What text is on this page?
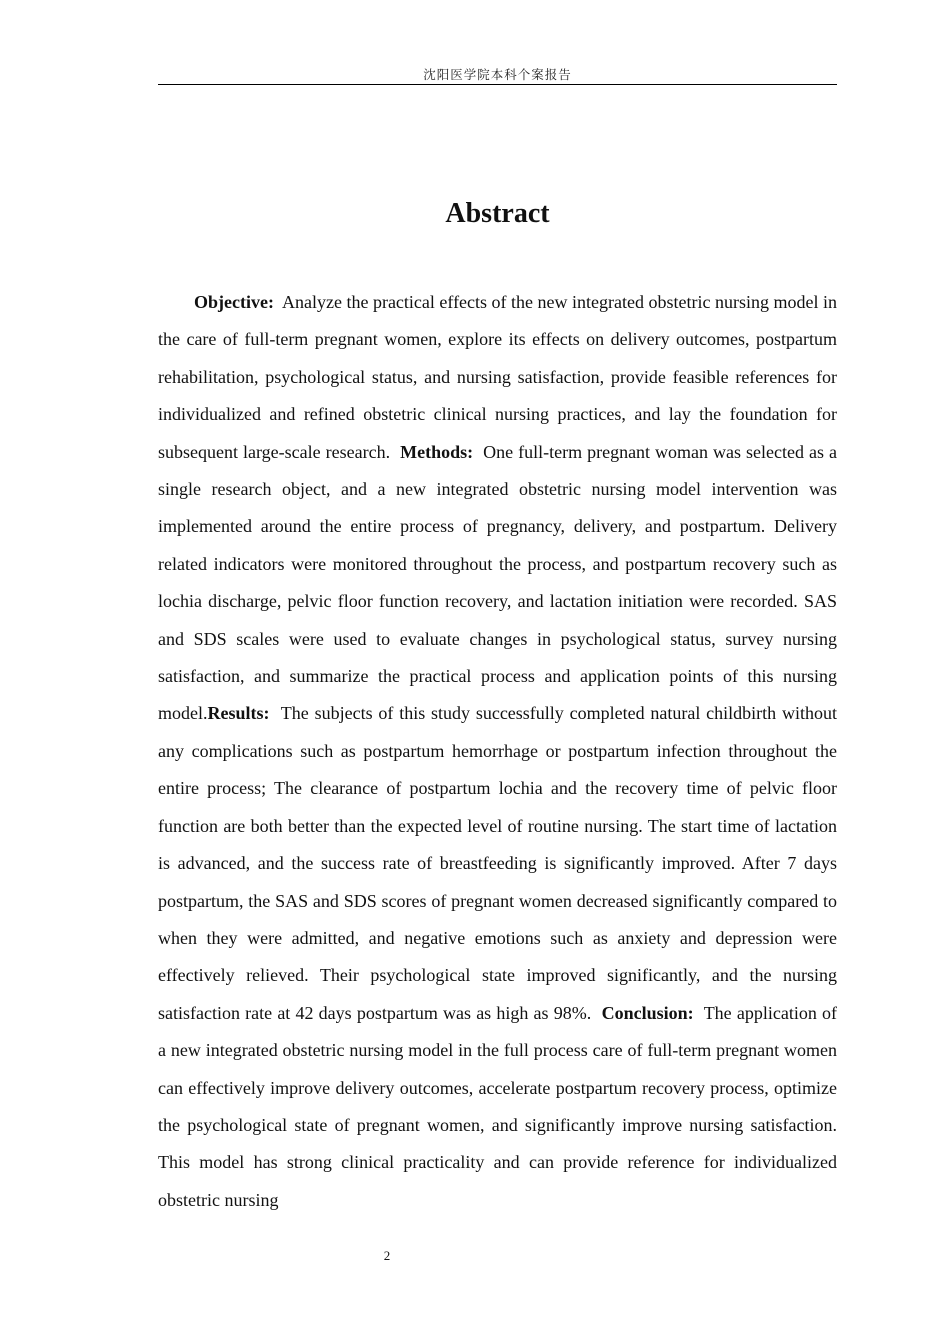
沈阳医学院本科个案报告
Abstract

Objective: Analyze the practical effects of the new integrated obstetric nursing model in the care of full-term pregnant women, explore its effects on delivery outcomes, postpartum rehabilitation, psychological status, and nursing satisfaction, provide feasible references for individualized and refined obstetric clinical nursing practices, and lay the foundation for subsequent large-scale research. Methods: One full-term pregnant woman was selected as a single research object, and a new integrated obstetric nursing model intervention was implemented around the entire process of pregnancy, delivery, and postpartum. Delivery related indicators were monitored throughout the process, and postpartum recovery such as lochia discharge, pelvic floor function recovery, and lactation initiation were recorded. SAS and SDS scales were used to evaluate changes in psychological status, survey nursing satisfaction, and summarize the practical process and application points of this nursing model.Results: The subjects of this study successfully completed natural childbirth without any complications such as postpartum hemorrhage or postpartum infection throughout the entire process; The clearance of postpartum lochia and the recovery time of pelvic floor function are both better than the expected level of routine nursing. The start time of lactation is advanced, and the success rate of breastfeeding is significantly improved. After 7 days postpartum, the SAS and SDS scores of pregnant women decreased significantly compared to when they were admitted, and negative emotions such as anxiety and depression were effectively relieved. Their psychological state improved significantly, and the nursing satisfaction rate at 42 days postpartum was as high as 98%. Conclusion: The application of a new integrated obstetric nursing model in the full process care of full-term pregnant women can effectively improve delivery outcomes, accelerate postpartum recovery process, optimize the psychological state of pregnant women, and significantly improve nursing satisfaction. This model has strong clinical practicality and can provide reference for individualized obstetric nursing

2
